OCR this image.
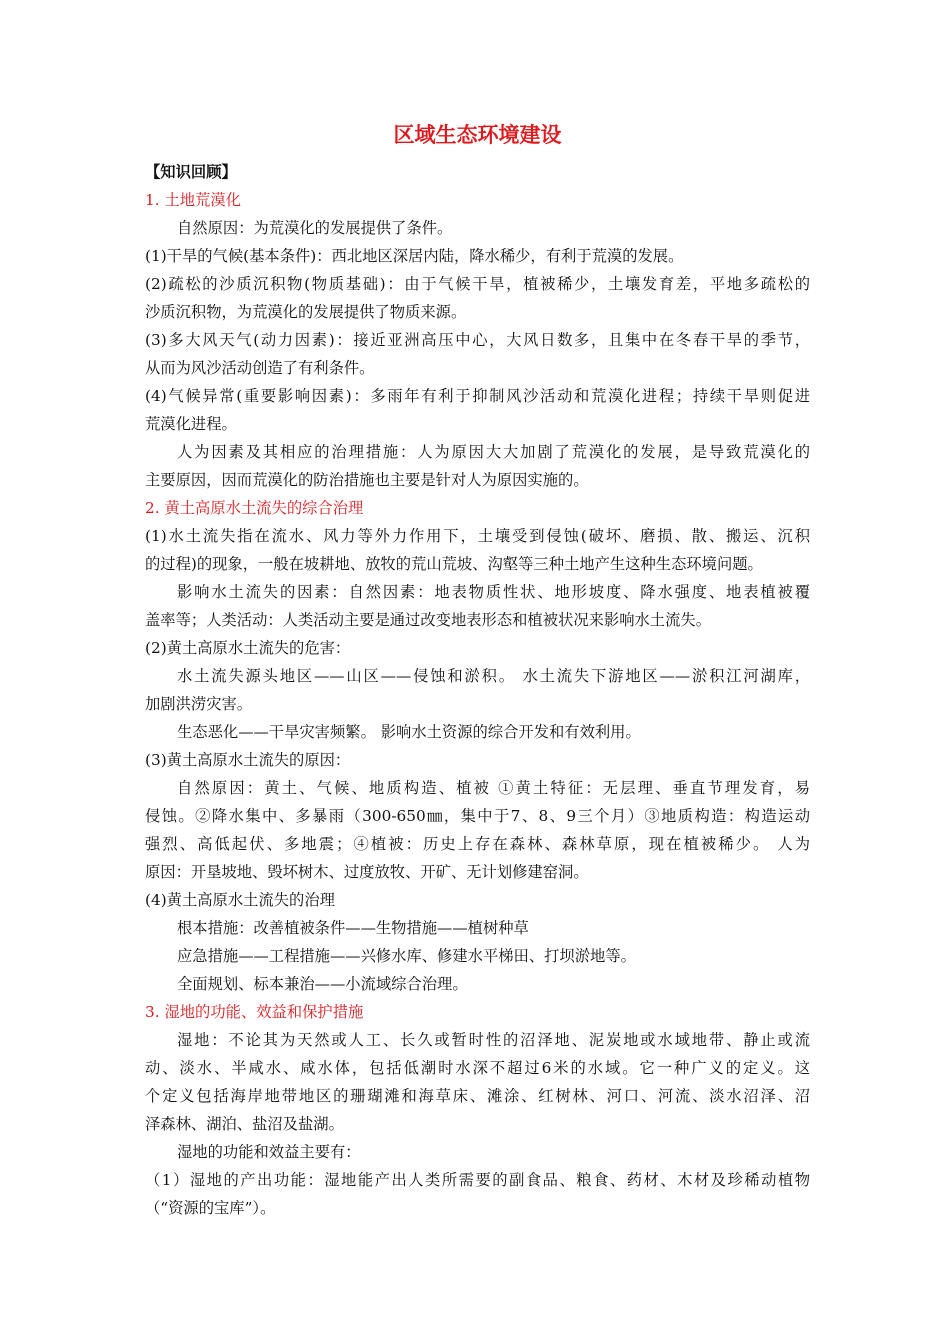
区域生态环境建设
【知识回顾】
1. 土地荒漠化
自然原因：为荒漠化的发展提供了条件。
(1)干旱的气候(基本条件)：西北地区深居内陆，降水稀少，有利于荒漠的发展。
(2)疏松的沙质沉积物(物质基础)：由于气候干旱，植被稀少，土壤发育差，平地多疏松的
沙质沉积物，为荒漠化的发展提供了物质来源。
(3)多大风天气(动力因素)：接近亚洲高压中心，大风日数多，且集中在冬春干旱的季节，
从而为风沙活动创造了有利条件。
(4)气候异常(重要影响因素)：多雨年有利于抑制风沙活动和荒漠化进程；持续干旱则促进
荒漠化进程。
人为因素及其相应的治理措施：人为原因大大加剧了荒漠化的发展，是导致荒漠化的
主要原因，因而荒漠化的防治措施也主要是针对人为原因实施的。
2. 黄土高原水土流失的综合治理
(1)水土流失指在流水、风力等外力作用下，土壤受到侵蚀(破坏、磨损、散、搬运、沉积
的过程)的现象，一般在坡耕地、放牧的荒山荒坡、沟壑等三种土地产生这种生态环境问题。
影响水土流失的因素：自然因素：地表物质性状、地形坡度、降水强度、地表植被覆
盖率等；人类活动：人类活动主要是通过改变地表形态和植被状况来影响水土流失。
(2)黄土高原水土流失的危害：
水土流失源头地区——山区——侵蚀和淤积。 水土流失下游地区——淤积江河湖库，
加剧洪涝灾害。
生态恶化——干旱灾害频繁。 影响水土资源的综合开发和有效利用。
(3)黄土高原水土流失的原因：
自然原因：黄土、气候、地质构造、植被 ①黄土特征：无层理、垂直节理发育，易
侵蚀。②降水集中、多暴雨（300-650㎜，集中于7、8、9三个月）③地质构造：构造运动
强烈、高低起伏、多地震；④植被：历史上存在森林、森林草原，现在植被稀少。 人为
原因：开垦坡地、毁坏树木、过度放牧、开矿、无计划修建窑洞。
(4)黄土高原水土流失的治理
根本措施：改善植被条件——生物措施——植树种草
应急措施——工程措施——兴修水库、修建水平梯田、打坝淤地等。
全面规划、标本兼治——小流域综合治理。
3. 湿地的功能、效益和保护措施
湿地：不论其为天然或人工、长久或暂时性的沼泽地、泥炭地或水域地带、静止或流
动、淡水、半咸水、咸水体，包括低潮时水深不超过6米的水域。它一种广义的定义。这
个定义包括海岸地带地区的珊瑚滩和海草床、滩涂、红树林、河口、河流、淡水沼泽、沼
泽森林、湖泊、盐沼及盐湖。
湿地的功能和效益主要有：
（1）湿地的产出功能：湿地能产出人类所需要的副食品、粮食、药材、木材及珍稀动植物
（“资源的宝库”）。
